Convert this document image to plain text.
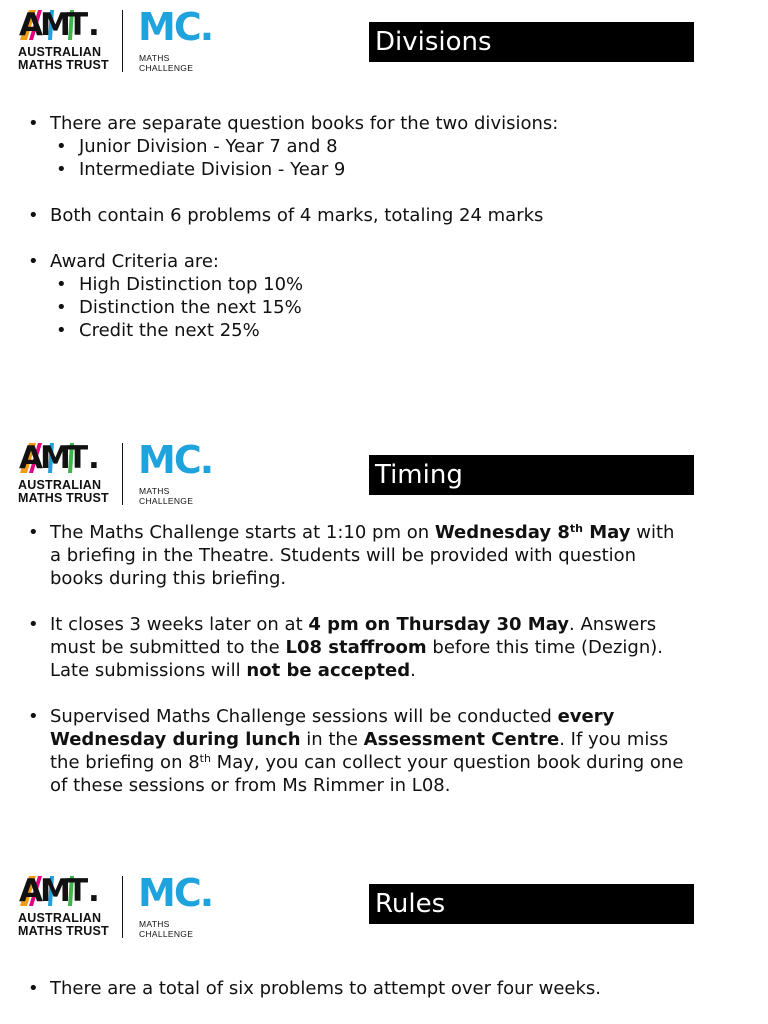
A M
T .
AUSTRALIAN
MATHS TRUST
MC.
MATHS
CHALLENGE
Divisions
• There are separate question books for the two divisions:
• Junior Division - Year 7 and 8
• Intermediate Division - Year 9
• Both contain 6 problems of 4 marks, totaling 24 marks
• Award Criteria are:
• High Distinction top 10%
• Distinction the next 15%
• Credit the next 25%
A M
T .
AUSTRALIAN
MATHS TRUST
MC.
MATHS
CHALLENGE
Timing
• The Maths Challenge starts at 1:10 pm on Wednesday 8th May with a briefing in the Theatre. Students will be provided with question books during this briefing.
• It closes 3 weeks later on at 4 pm on Thursday 30 May. Answers must be submitted to the L08 staffroom before this time (Dezign). Late submissions will not be accepted.
• Supervised Maths Challenge sessions will be conducted every Wednesday during lunch in the Assessment Centre. If you miss the briefing on 8th May, you can collect your question book during one of these sessions or from Ms Rimmer in L08.
A M
T .
AUSTRALIAN
MATHS TRUST
MC.
MATHS
CHALLENGE
Rules
• There are a total of six problems to attempt over four weeks.
